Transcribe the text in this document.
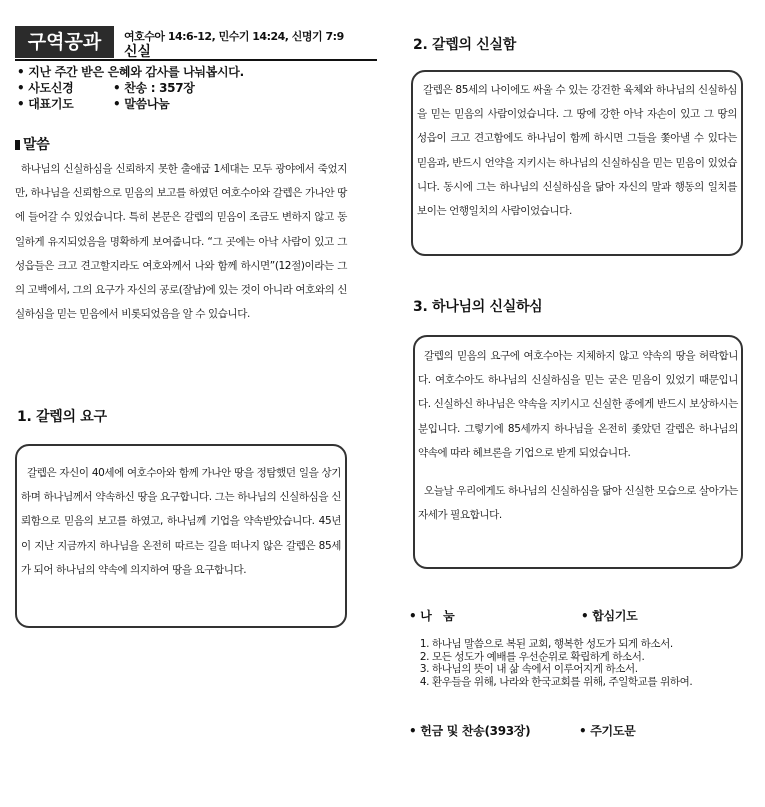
구역공과	여호수아 14:6-12, 민수기 14:24, 신명기 7:9
신실
• 지난 주간 받은 은혜와 감사를 나눠봅시다.
• 사도신경	• 찬송 : 357장
• 대표기도	• 말씀나눔
말씀
하나님의 신실하심을 신뢰하지 못한 출애굽 1세대는 모두 광야에서 죽었지만, 하나님을 신뢰함으로 믿음의 보고를 하였던 여호수아와 갈렙은 가나안 땅에 들어갈 수 있었습니다. 특히 본문은 갈렙의 믿음이 조금도 변하지 않고 동일하게 유지되었음을 명확하게 보여줍니다. “그 곳에는 아낙 사람이 있고 그 성읍들은 크고 견고할지라도 여호와께서 나와 함께 하시면”(12절)이라는 그의 고백에서, 그의 요구가 자신의 공로(잘남)에 있는 것이 아니라 여호와의 신실하심을 믿는 믿음에서 비롯되었음을 알 수 있습니다.
1. 갈렙의 요구
갈렙은 자신이 40세에 여호수아와 함께 가나안 땅을 정탐했던 일을 상기하며 하나님께서 약속하신 땅을 요구합니다. 그는 하나님의 신실하심을 신뢰함으로 믿음의 보고를 하였고, 하나님께 기업을 약속받았습니다. 45년이 지난 지금까지 하나님을 온전히 따르는 길을 떠나지 않은 갈렙은 85세가 되어 하나님의 약속에 의지하여 땅을 요구합니다.
2. 갈렙의 신실함
갈렙은 85세의 나이에도 싸울 수 있는 강건한 육체와 하나님의 신실하심을 믿는 믿음의 사람이었습니다. 그 땅에 강한 아낙 자손이 있고 그 땅의 성읍이 크고 견고함에도 하나님이 함께 하시면 그들을 쫓아낼 수 있다는 믿음과, 반드시 언약을 지키시는 하나님의 신실하심을 믿는 믿음이 있었습니다. 동시에 그는 하나님의 신실하심을 닮아 자신의 말과 행동의 일치를 보이는 언행일치의 사람이었습니다.
3. 하나님의 신실하심
갈렙의 믿음의 요구에 여호수아는 지체하지 않고 약속의 땅을 허락합니다. 여호수아도 하나님의 신실하심을 믿는 굳은 믿음이 있었기 때문입니다. 신실하신 하나님은 약속을 지키시고 신실한 종에게 반드시 보상하시는 분입니다. 그렇기에 85세까지 하나님을 온전히 좇았던 갈렙은 하나님의 약속에 따라 헤브론을 기업으로 받게 되었습니다.
오늘날 우리에게도 하나님의 신실하심을 닮아 신실한 모습으로 살아가는 자세가 필요합니다.
• 나   눔	• 합심기도
1. 하나님 말씀으로 복된 교회, 행복한 성도가 되게 하소서.
2. 모든 성도가 예배를 우선순위로 확립하게 하소서.
3. 하나님의 뜻이 내 삶 속에서 이루어지게 하소서.
4. 환우들을 위해, 나라와 한국교회를 위해, 주일학교를 위하여.
• 헌금 및 찬송(393장)	• 주기도문
